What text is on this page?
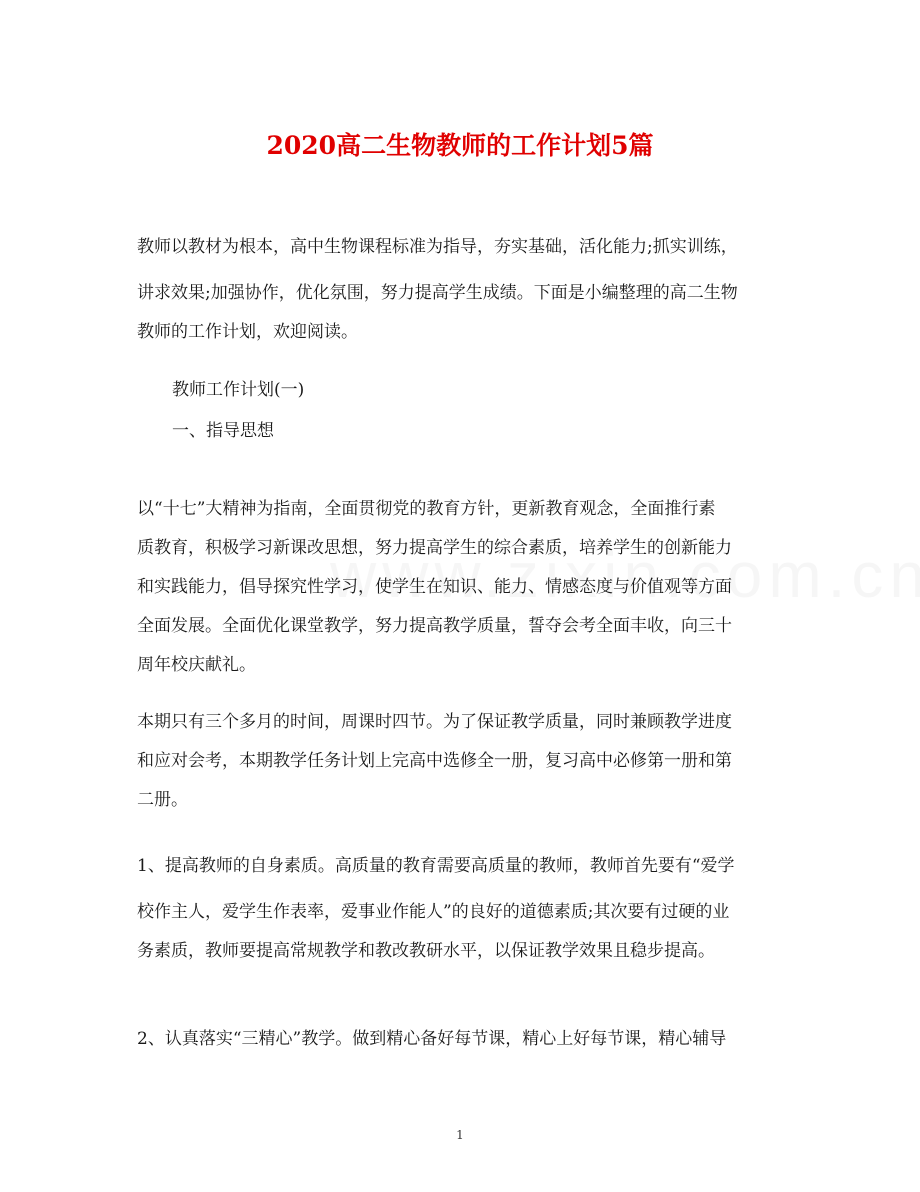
2020高二生物教师的工作计划5篇

教师以教材为根本，高中生物课程标准为指导，夯实基础，活化能力;抓实训练，
讲求效果;加强协作，优化氛围，努力提高学生成绩。下面是小编整理的高二生物
教师的工作计划，欢迎阅读。

教师工作计划(一)

一、指导思想

以“十七”大精神为指南，全面贯彻党的教育方针，更新教育观念，全面推行素
质教育，积极学习新课改思想，努力提高学生的综合素质，培养学生的创新能力
和实践能力，倡导探究性学习，使学生在知识、能力、情感态度与价值观等方面
全面发展。全面优化课堂教学，努力提高教学质量，誓夺会考全面丰收，向三十
周年校庆献礼。

本期只有三个多月的时间，周课时四节。为了保证教学质量，同时兼顾教学进度
和应对会考，本期教学任务计划上完高中选修全一册，复习高中必修第一册和第
二册。

1、提高教师的自身素质。高质量的教育需要高质量的教师，教师首先要有“爱学
校作主人，爱学生作表率，爱事业作能人”的良好的道德素质;其次要有过硬的业
务素质，教师要提高常规教学和教改教研水平，以保证教学效果且稳步提高。

2、认真落实“三精心”教学。做到精心备好每节课，精心上好每节课，精心辅导

1
